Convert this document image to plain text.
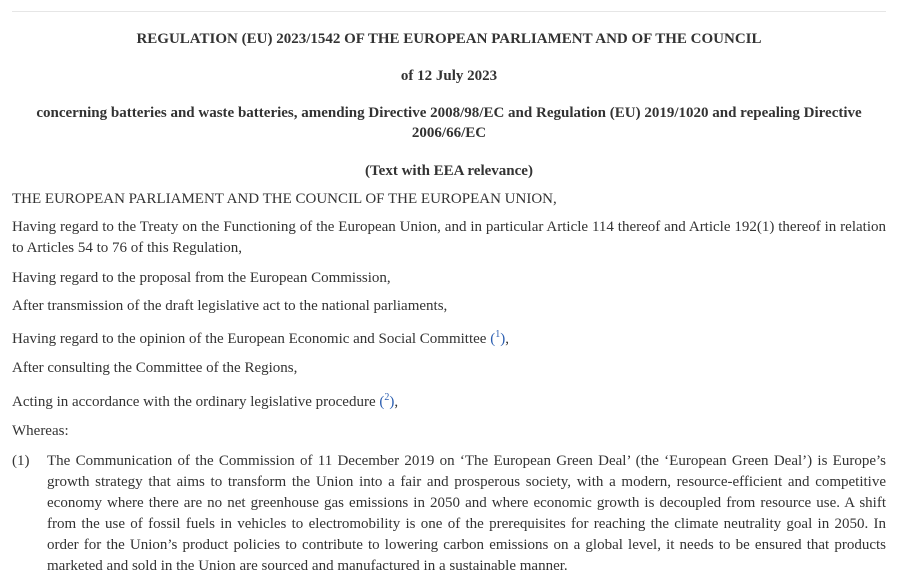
REGULATION (EU) 2023/1542 OF THE EUROPEAN PARLIAMENT AND OF THE COUNCIL

of 12 July 2023

concerning batteries and waste batteries, amending Directive 2008/98/EC and Regulation (EU) 2019/1020 and repealing Directive 2006/66/EC

(Text with EEA relevance)

THE EUROPEAN PARLIAMENT AND THE COUNCIL OF THE EUROPEAN UNION,

Having regard to the Treaty on the Functioning of the European Union, and in particular Article 114 thereof and Article 192(1) thereof in relation to Articles 54 to 76 of this Regulation,

Having regard to the proposal from the European Commission,

After transmission of the draft legislative act to the national parliaments,

Having regard to the opinion of the European Economic and Social Committee ($^1$),

After consulting the Committee of the Regions,

Acting in accordance with the ordinary legislative procedure ($^2$),

Whereas:

(1)	The Communication of the Commission of 11 December 2019 on ‘The European Green Deal’ (the ‘European Green Deal’) is Europe’s growth strategy that aims to transform the Union into a fair and prosperous society, with a modern, resource-efficient and competitive economy where there are no net greenhouse gas emissions in 2050 and where economic growth is decoupled from resource use. A shift from the use of fossil fuels in vehicles to electromobility is one of the prerequisites for reaching the climate neutrality goal in 2050. In order for the Union’s product policies to contribute to lowering carbon emissions on a global level, it needs to be ensured that products marketed and sold in the Union are sourced and manufactured in a sustainable manner.
